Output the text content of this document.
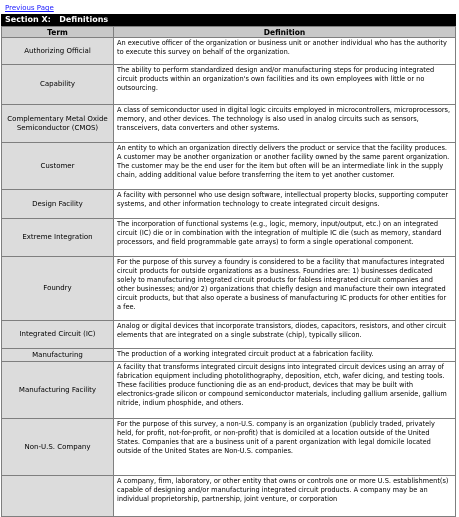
Previous Page
Section X:   Definitions
Term	Definition
Authorizing Official	An executive officer of the organization or business unit or another individual who has the authority to execute this survey on behalf of the organization.

Capability	The ability to perform standardized design and/or manufacturing steps for producing integrated circuit products within an organization's own facilities and its own employees with little or no outsourcing.

Complementary Metal Oxide Semiconductor (CMOS)	A class of semiconductor used in digital logic circuits employed in microcontrollers, microprocessors, memory, and other devices. The technology is also used in analog circuits such as sensors, transceivers, data converters and other systems.

Customer	An entity to which an organization directly delivers the product or service that the facility produces. A customer may be another organization or another facility owned by the same parent organization. The customer may be the end user for the item but often will be an intermediate link in the supply chain, adding additional value before transferring the item to yet another customer.

Design Facility	A facility with personnel who use design software, intellectual property blocks, supporting computer systems, and other information technology to create integrated circuit designs.

Extreme Integration	The incorporation of functional systems (e.g., logic, memory, input/output, etc.) on an integrated circuit (IC) die or in combination with the integration of multiple IC die (such as memory, standard processors, and field programmable gate arrays) to form a single operational component.

Foundry	For the purpose of this survey a foundry is considered to be a facility that manufactures integrated circuit products for outside organizations as a business. Foundries are: 1) businesses dedicated solely to manufacturing integrated circuit products for fabless integrated circuit companies and other businesses; and/or 2) organizations that chiefly design and manufacture their own integrated circuit products, but that also operate a business of manufacturing IC products for other entities for a fee.

Integrated Circuit (IC)	Analog or digital devices that incorporate transistors, diodes, capacitors, resistors, and other circuit elements that are integrated on a single substrate (chip), typically silicon.

Manufacturing	The production of a working integrated circuit product at a fabrication facility.

Manufacturing Facility	A facility that transforms integrated circuit designs into integrated circuit devices using an array of fabrication equipment including photolithography, deposition, etch, wafer dicing, and testing tools. These facilities produce functioning die as an end-product, devices that may be built with electronics-grade silicon or compound semiconductor materials, including gallium arsenide, gallium nitride, indium phosphide, and others.

Non-U.S. Company	For the purpose of this survey, a non-U.S. company is an organization (publicly traded, privately held, for profit, not-for-profit, or non-profit) that is domiciled at a location outside of the United States. Companies that are a business unit of a parent organization with legal domicile located outside of the United States are Non-U.S. companies.

	A company, firm, laboratory, or other entity that owns or controls one or more U.S. establishment(s) capable of designing and/or manufacturing integrated circuit products. A company may be an individual proprietorship, partnership, joint venture, or corporation
